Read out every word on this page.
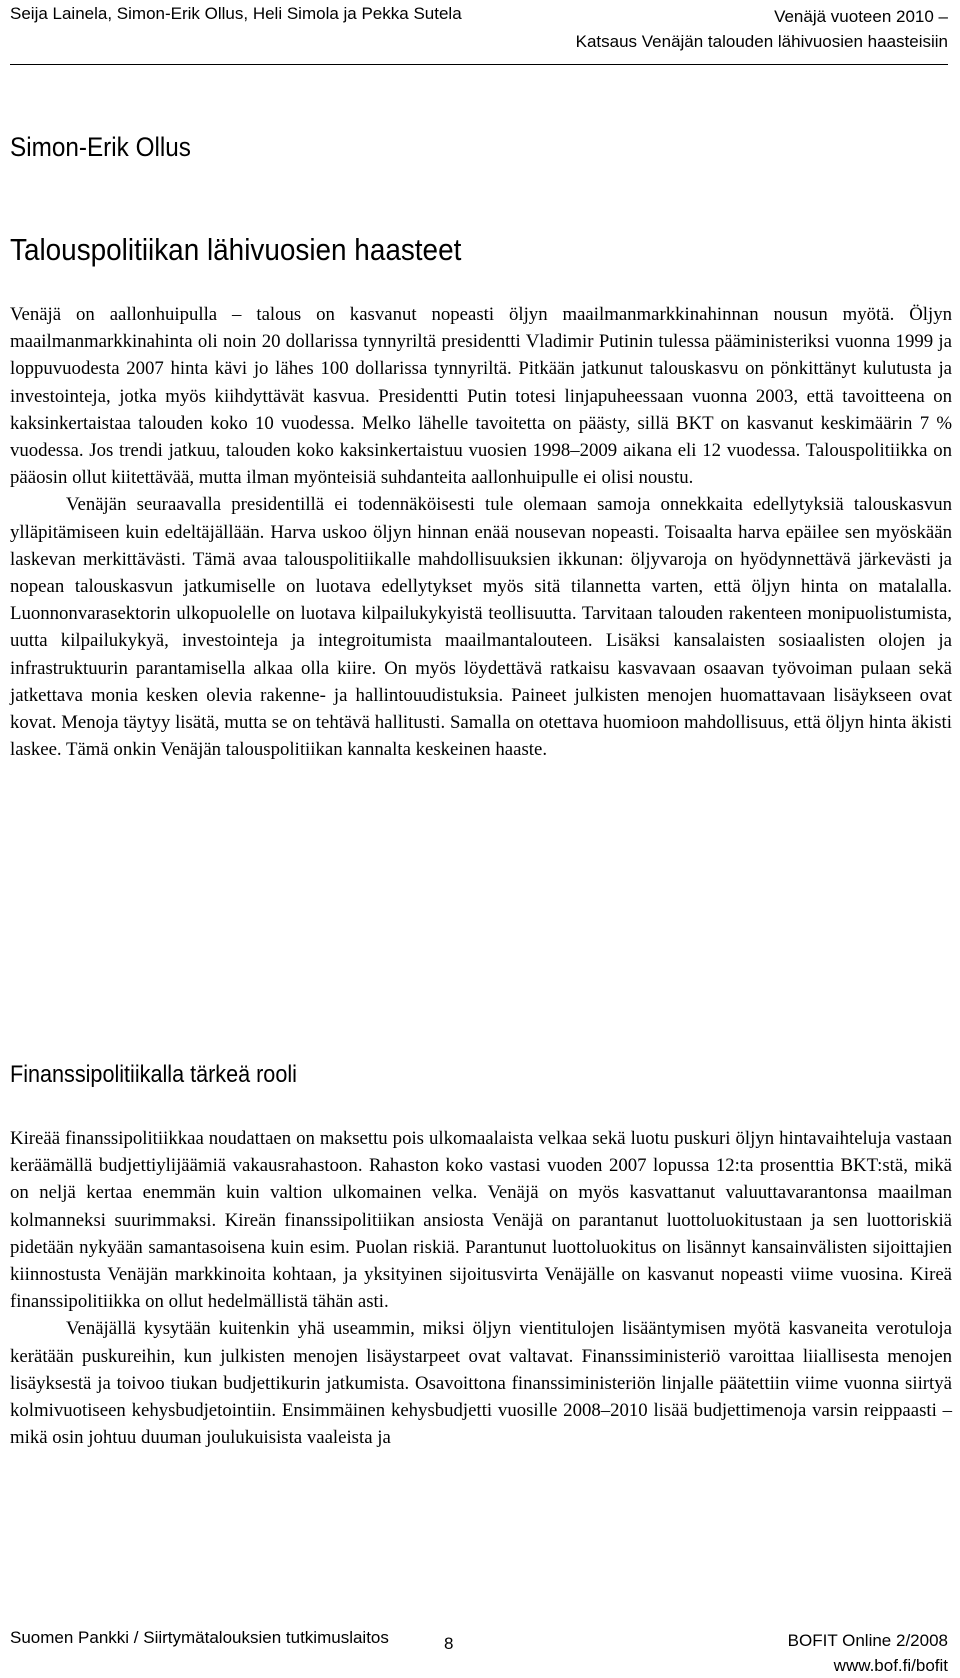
Seija Lainela, Simon-Erik Ollus, Heli Simola ja Pekka Sutela	Venäjä vuoteen 2010 –
Katsaus Venäjän talouden lähivuosien haasteisiin
Simon-Erik Ollus
Talouspolitiikan lähivuosien haasteet

Venäjä on aallonhuipulla – talous on kasvanut nopeasti öljyn maailmanmarkkinahinnan nousun myötä. Öljyn maailmanmarkkinahinta oli noin 20 dollarissa tynnyriltä presidentti Vladimir Putinin tulessa pääministeriksi vuonna 1999 ja loppuvuodesta 2007 hinta kävi jo lähes 100 dollarissa tynnyriltä. Pitkään jatkunut talouskasvu on pönkittänyt kulutusta ja investointeja, jotka myös kiihdyttävät kasvua. Presidentti Putin totesi linjapuheessaan vuonna 2003, että tavoitteena on kaksinkertaistaa talouden koko 10 vuodessa. Melko lähelle tavoitetta on päästy, sillä BKT on kasvanut keskimäärin 7 % vuodessa. Jos trendi jatkuu, talouden koko kaksinkertaistuu vuosien 1998–2009 aikana eli 12 vuodessa. Talouspolitiikka on pääosin ollut kiitettävää, mutta ilman myönteisiä suhdanteita aallonhuipulle ei olisi noustu.

Venäjän seuraavalla presidentillä ei todennäköisesti tule olemaan samoja onnekkaita edellytyksiä talouskasvun ylläpitämiseen kuin edeltäjällään. Harva uskoo öljyn hinnan enää nousevan nopeasti. Toisaalta harva epäilee sen myöskään laskevan merkittävästi. Tämä avaa talouspolitiikalle mahdollisuuksien ikkunan: öljyvaroja on hyödynnettävä järkevästi ja nopean talouskasvun jatkumiselle on luotava edellytykset myös sitä tilannetta varten, että öljyn hinta on matalalla. Luonnonvarasektorin ulkopuolelle on luotava kilpailukykyistä teollisuutta. Tarvitaan talouden rakenteen monipuolistumista, uutta kilpailukykyä, investointeja ja integroitumista maailmantalouteen. Lisäksi kansalaisten sosiaalisten olojen ja infrastruktuurin parantamisella alkaa olla kiire. On myös löydettävä ratkaisu kasvavaan osaavan työvoiman pulaan sekä jatkettava monia kesken olevia rakenne- ja hallintouudistuksia. Paineet julkisten menojen huomattavaan lisäykseen ovat kovat. Menoja täytyy lisätä, mutta se on tehtävä hallitusti. Samalla on otettava huomioon mahdollisuus, että öljyn hinta äkisti laskee. Tämä onkin Venäjän talouspolitiikan kannalta keskeinen haaste.

Finanssipolitiikalla tärkeä rooli

Kireää finanssipolitiikkaa noudattaen on maksettu pois ulkomaalaista velkaa sekä luotu puskuri öljyn hintavaihteluja vastaan keräämällä budjettiylijäämiä vakausrahastoon. Rahaston koko vastasi vuoden 2007 lopussa 12:ta prosenttia BKT:stä, mikä on neljä kertaa enemmän kuin valtion ulkomainen velka. Venäjä on myös kasvattanut valuuttavarantonsa maailman kolmanneksi suurimmaksi. Kireän finanssipolitiikan ansiosta Venäjä on parantanut luottoluokitustaan ja sen luottoriskiä pidetään nykyään samantasoisena kuin esim. Puolan riskiä. Parantunut luottoluokitus on lisännyt kansainvälisten sijoittajien kiinnostusta Venäjän markkinoita kohtaan, ja yksityinen sijoitusvirta Venäjälle on kasvanut nopeasti viime vuosina. Kireä finanssipolitiikka on ollut hedelmällistä tähän asti.

Venäjällä kysytään kuitenkin yhä useammin, miksi öljyn vientitulojen lisääntymisen myötä kasvaneita verotuloja kerätään puskureihin, kun julkisten menojen lisäystarpeet ovat valtavat. Finanssiministeriö varoittaa liiallisesta menojen lisäyksestä ja toivoo tiukan budjettikurin jatkumista. Osavoittona finanssiministeriön linjalle päätettiin viime vuonna siirtyä kolmivuotiseen kehysbudjetointiin. Ensimmäinen kehysbudjetti vuosille 2008–2010 lisää budjettimenoja varsin reippaasti – mikä osin johtuu duuman joulukuisista vaaleista ja

Suomen Pankki / Siirtymätalouksien tutkimuslaitos	8	BOFIT Online 2/2008
www.bof.fi/bofit
